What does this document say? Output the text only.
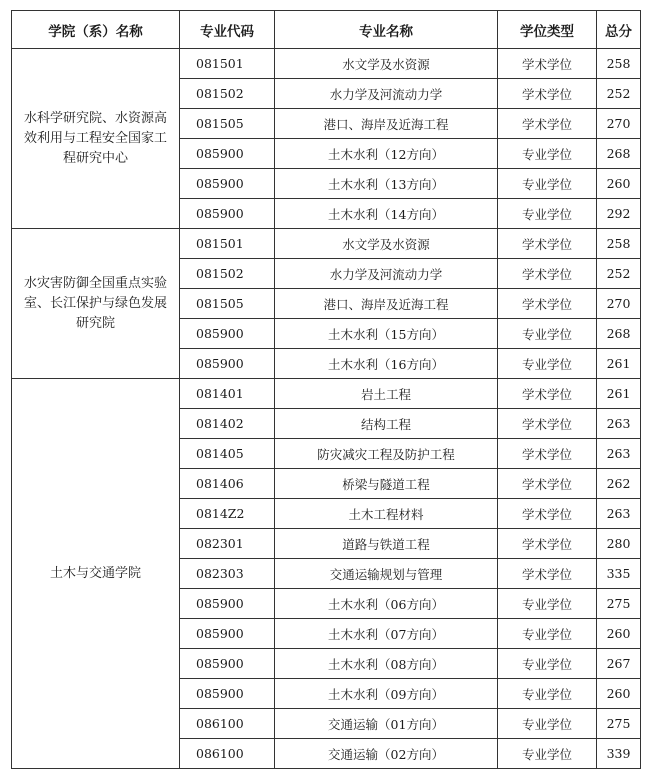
学院（系）名称	专业代码	专业名称	学位类型	总分
水科学研究院、水资源高效利用与工程安全国家工程研究中心	081501	水文学及水资源	学术学位	258
	081502	水力学及河流动力学	学术学位	252
	081505	港口、海岸及近海工程	学术学位	270
	085900	土木水利（12方向）	专业学位	268
	085900	土木水利（13方向）	专业学位	260
	085900	土木水利（14方向）	专业学位	292
水灾害防御全国重点实验室、长江保护与绿色发展研究院	081501	水文学及水资源	学术学位	258
	081502	水力学及河流动力学	学术学位	252
	081505	港口、海岸及近海工程	学术学位	270
	085900	土木水利（15方向）	专业学位	268
	085900	土木水利（16方向）	专业学位	261
土木与交通学院	081401	岩土工程	学术学位	261
	081402	结构工程	学术学位	263
	081405	防灾减灾工程及防护工程	学术学位	263
	081406	桥梁与隧道工程	学术学位	262
	0814Z2	土木工程材料	学术学位	263
	082301	道路与铁道工程	学术学位	280
	082303	交通运输规划与管理	学术学位	335
	085900	土木水利（06方向）	专业学位	275
	085900	土木水利（07方向）	专业学位	260
	085900	土木水利（08方向）	专业学位	267
	085900	土木水利（09方向）	专业学位	260
	086100	交通运输（01方向）	专业学位	275
	086100	交通运输（02方向）	专业学位	339
